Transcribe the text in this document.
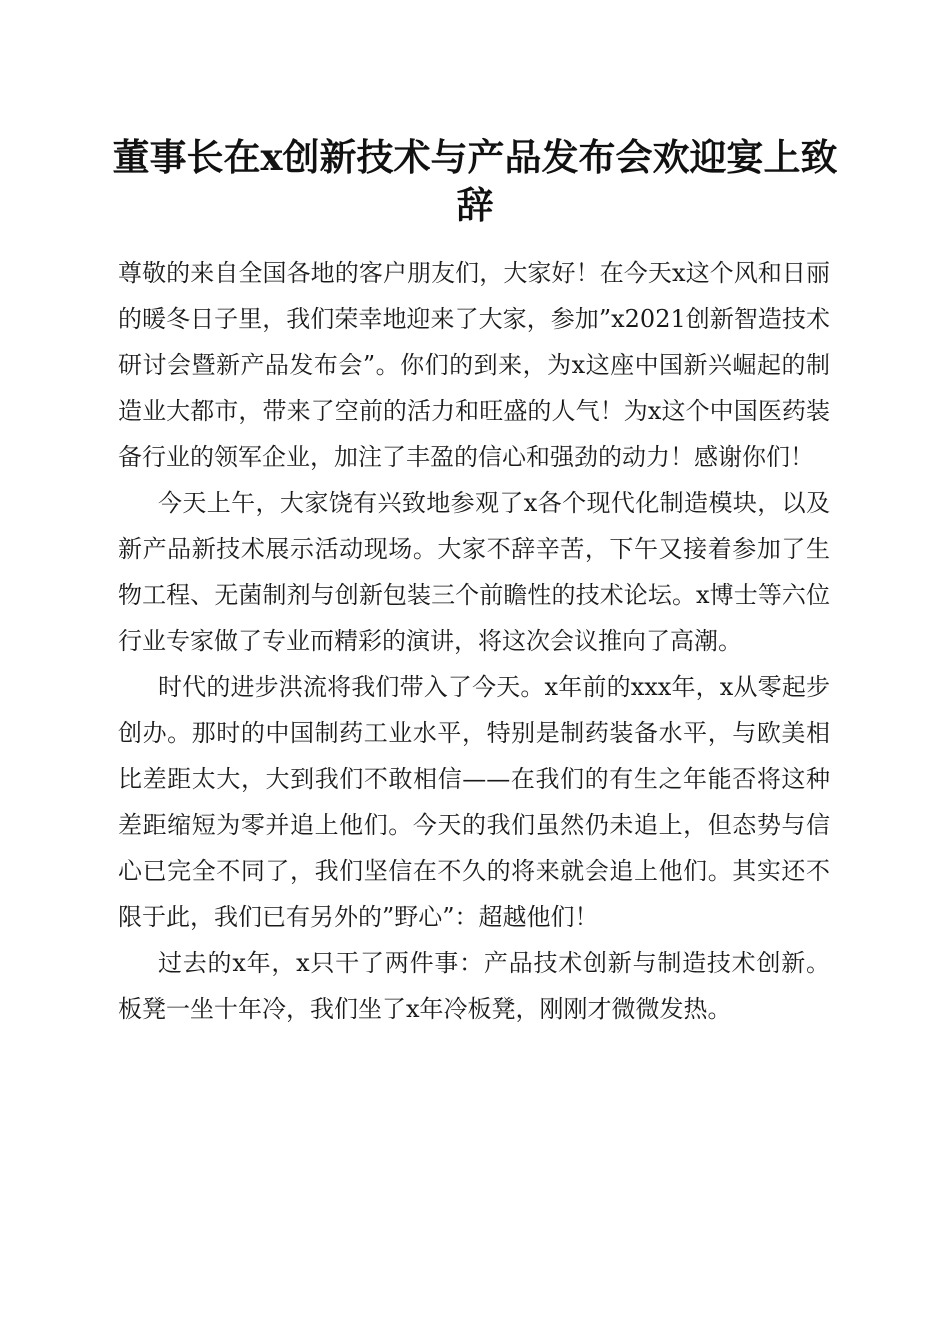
董事长在x创新技术与产品发布会欢迎宴上致辞

尊敬的来自全国各地的客户朋友们，大家好！在今天x这个风和日丽的暖冬日子里，我们荣幸地迎来了大家，参加”x2021创新智造技术研讨会暨新产品发布会”。你们的到来，为x这座中国新兴崛起的制造业大都市，带来了空前的活力和旺盛的人气！为x这个中国医药装备行业的领军企业，加注了丰盈的信心和强劲的动力！感谢你们！

今天上午，大家饶有兴致地参观了x各个现代化制造模块，以及新产品新技术展示活动现场。大家不辞辛苦，下午又接着参加了生物工程、无菌制剂与创新包装三个前瞻性的技术论坛。x博士等六位行业专家做了专业而精彩的演讲，将这次会议推向了高潮。

时代的进步洪流将我们带入了今天。x年前的xxx年，x从零起步创办。那时的中国制药工业水平，特别是制药装备水平，与欧美相比差距太大，大到我们不敢相信——在我们的有生之年能否将这种差距缩短为零并追上他们。今天的我们虽然仍未追上，但态势与信心已完全不同了，我们坚信在不久的将来就会追上他们。其实还不限于此，我们已有另外的”野心”：超越他们！

过去的x年，x只干了两件事：产品技术创新与制造技术创新。板凳一坐十年冷，我们坐了x年冷板凳，刚刚才微微发热。
